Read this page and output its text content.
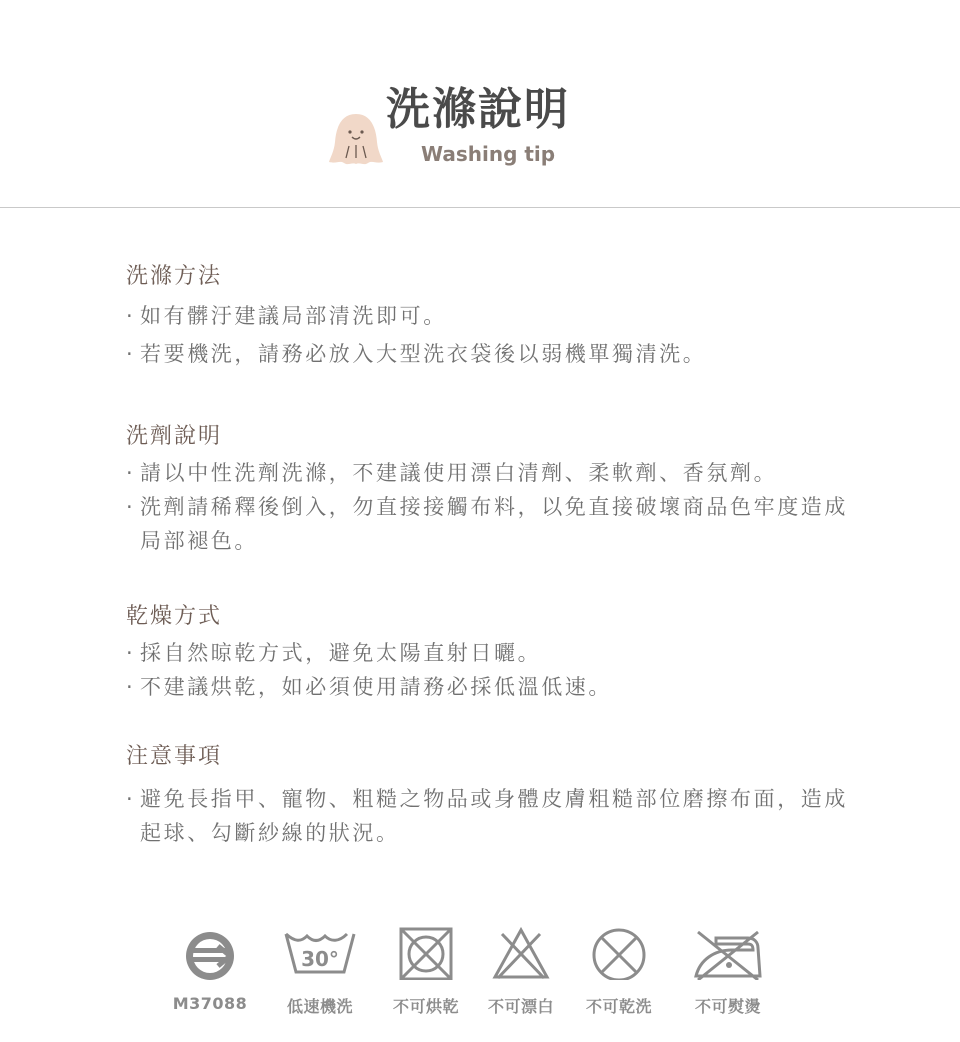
洗滌說明
Washing tip
洗滌方法
· 如有髒汙建議局部清洗即可。
· 若要機洗，請務必放入大型洗衣袋後以弱機單獨清洗。
洗劑說明
· 請以中性洗劑洗滌，不建議使用漂白清劑、柔軟劑、香氛劑。
· 洗劑請稀釋後倒入，勿直接接觸布料，以免直接破壞商品色牢度造成局部褪色。
乾燥方式
· 採自然晾乾方式，避免太陽直射日曬。
· 不建議烘乾，如必須使用請務必採低溫低速。
注意事項
· 避免長指甲、寵物、粗糙之物品或身體皮膚粗糙部位磨擦布面，造成起球、勾斷紗線的狀況。
M37088
30°
低速機洗	不可烘乾	不可漂白	不可乾洗	不可熨燙
